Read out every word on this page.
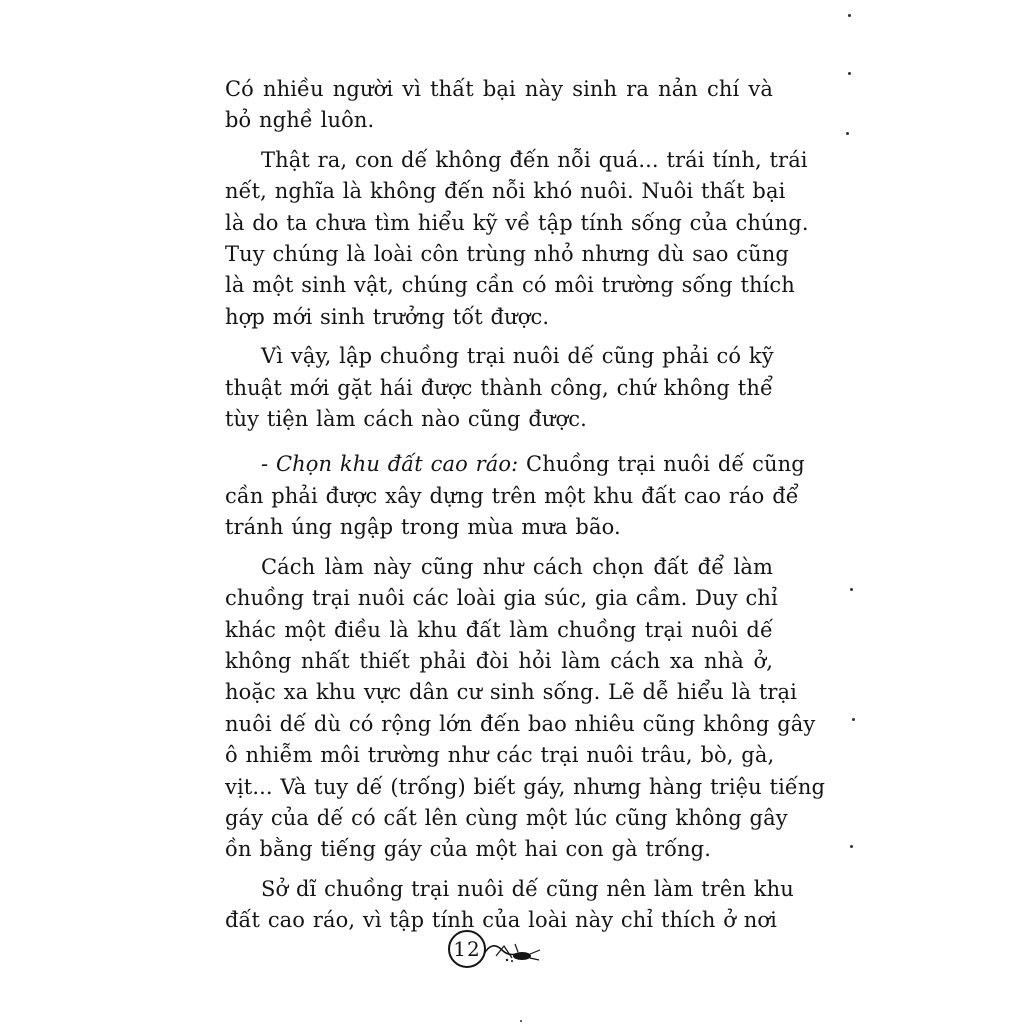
Có nhiều người vì thất bại này sinh ra nản chí và
bỏ nghề luôn.

Thật ra, con dế không đến nỗi quá... trái tính, trái
nết, nghĩa là không đến nỗi khó nuôi. Nuôi thất bại
là do ta chưa tìm hiểu kỹ về tập tính sống của chúng.
Tuy chúng là loài côn trùng nhỏ nhưng dù sao cũng
là một sinh vật, chúng cần có môi trường sống thích
hợp mới sinh trưởng tốt được.

Vì vậy, lập chuồng trại nuôi dế cũng phải có kỹ
thuật mới gặt hái được thành công, chứ không thể
tùy tiện làm cách nào cũng được.

- Chọn khu đất cao ráo: Chuồng trại nuôi dế cũng
cần phải được xây dựng trên một khu đất cao ráo để
tránh úng ngập trong mùa mưa bão.

Cách làm này cũng như cách chọn đất để làm
chuồng trại nuôi các loài gia súc, gia cầm. Duy chỉ
khác một điều là khu đất làm chuồng trại nuôi dế
không nhất thiết phải đòi hỏi làm cách xa nhà ở,
hoặc xa khu vực dân cư sinh sống. Lẽ dễ hiểu là trại
nuôi dế dù có rộng lớn đến bao nhiêu cũng không gây
ô nhiễm môi trường như các trại nuôi trâu, bò, gà,
vịt... Và tuy dế (trống) biết gáy, nhưng hàng triệu tiếng
gáy của dế có cất lên cùng một lúc cũng không gây
ồn bằng tiếng gáy của một hai con gà trống.

Sở dĩ chuồng trại nuôi dế cũng nên làm trên khu
đất cao ráo, vì tập tính của loài này chỉ thích ở nơi

12
